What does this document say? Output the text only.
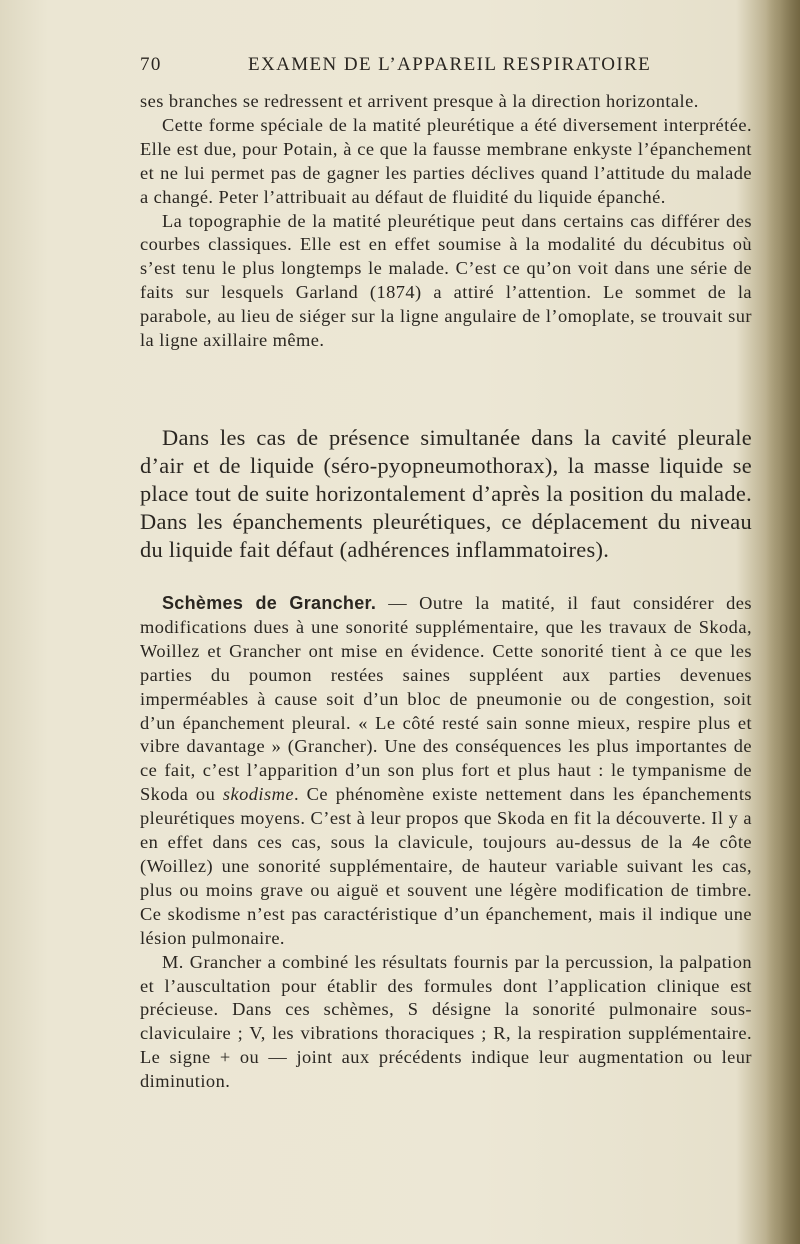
70	EXAMEN DE L’APPAREIL RESPIRATOIRE

ses branches se redressent et arrivent presque à la direction horizontale.

Cette forme spéciale de la matité pleurétique a été diversement interprétée. Elle est due, pour Potain, à ce que la fausse membrane enkyste l’épanchement et ne lui permet pas de gagner les parties déclives quand l’attitude du malade a changé. Peter l’attribuait au défaut de fluidité du liquide épanché.

La topographie de la matité pleurétique peut dans certains cas différer des courbes classiques. Elle est en effet soumise à la modalité du décubitus où s’est tenu le plus longtemps le malade. C’est ce qu’on voit dans une série de faits sur lesquels Garland (1874) a attiré l’attention. Le sommet de la parabole, au lieu de siéger sur la ligne angulaire de l’omoplate, se trouvait sur la ligne axillaire même.

Dans les cas de présence simultanée dans la cavité pleurale d’air et de liquide (séro-pyopneumothorax), la masse liquide se place tout de suite horizontalement d’après la position du malade. Dans les épanchements pleurétiques, ce déplacement du niveau du liquide fait défaut (adhérences inflammatoires).

Schèmes de Grancher. — Outre la matité, il faut considérer des modifications dues à une sonorité supplémentaire, que les travaux de Skoda, Woillez et Grancher ont mise en évidence. Cette sonorité tient à ce que les parties du poumon restées saines suppléent aux parties devenues imperméables à cause soit d’un bloc de pneumonie ou de congestion, soit d’un épanchement pleural. « Le côté resté sain sonne mieux, respire plus et vibre davantage » (Grancher). Une des conséquences les plus importantes de ce fait, c’est l’apparition d’un son plus fort et plus haut : le tympanisme de Skoda ou skodisme. Ce phénomène existe nettement dans les épanchements pleurétiques moyens. C’est à leur propos que Skoda en fit la découverte. Il y a en effet dans ces cas, sous la clavicule, toujours au-dessus de la 4e côte (Woillez) une sonorité supplémentaire, de hauteur variable suivant les cas, plus ou moins grave ou aiguë et souvent une légère modification de timbre. Ce skodisme n’est pas caractéristique d’un épanchement, mais il indique une lésion pulmonaire.

M. Grancher a combiné les résultats fournis par la percussion, la palpation et l’auscultation pour établir des formules dont l’application clinique est précieuse. Dans ces schèmes, S désigne la sonorité pulmonaire sous-claviculaire ; V, les vibrations thoraciques ; R, la respiration supplémentaire. Le signe + ou — joint aux précédents indique leur augmentation ou leur diminution.
